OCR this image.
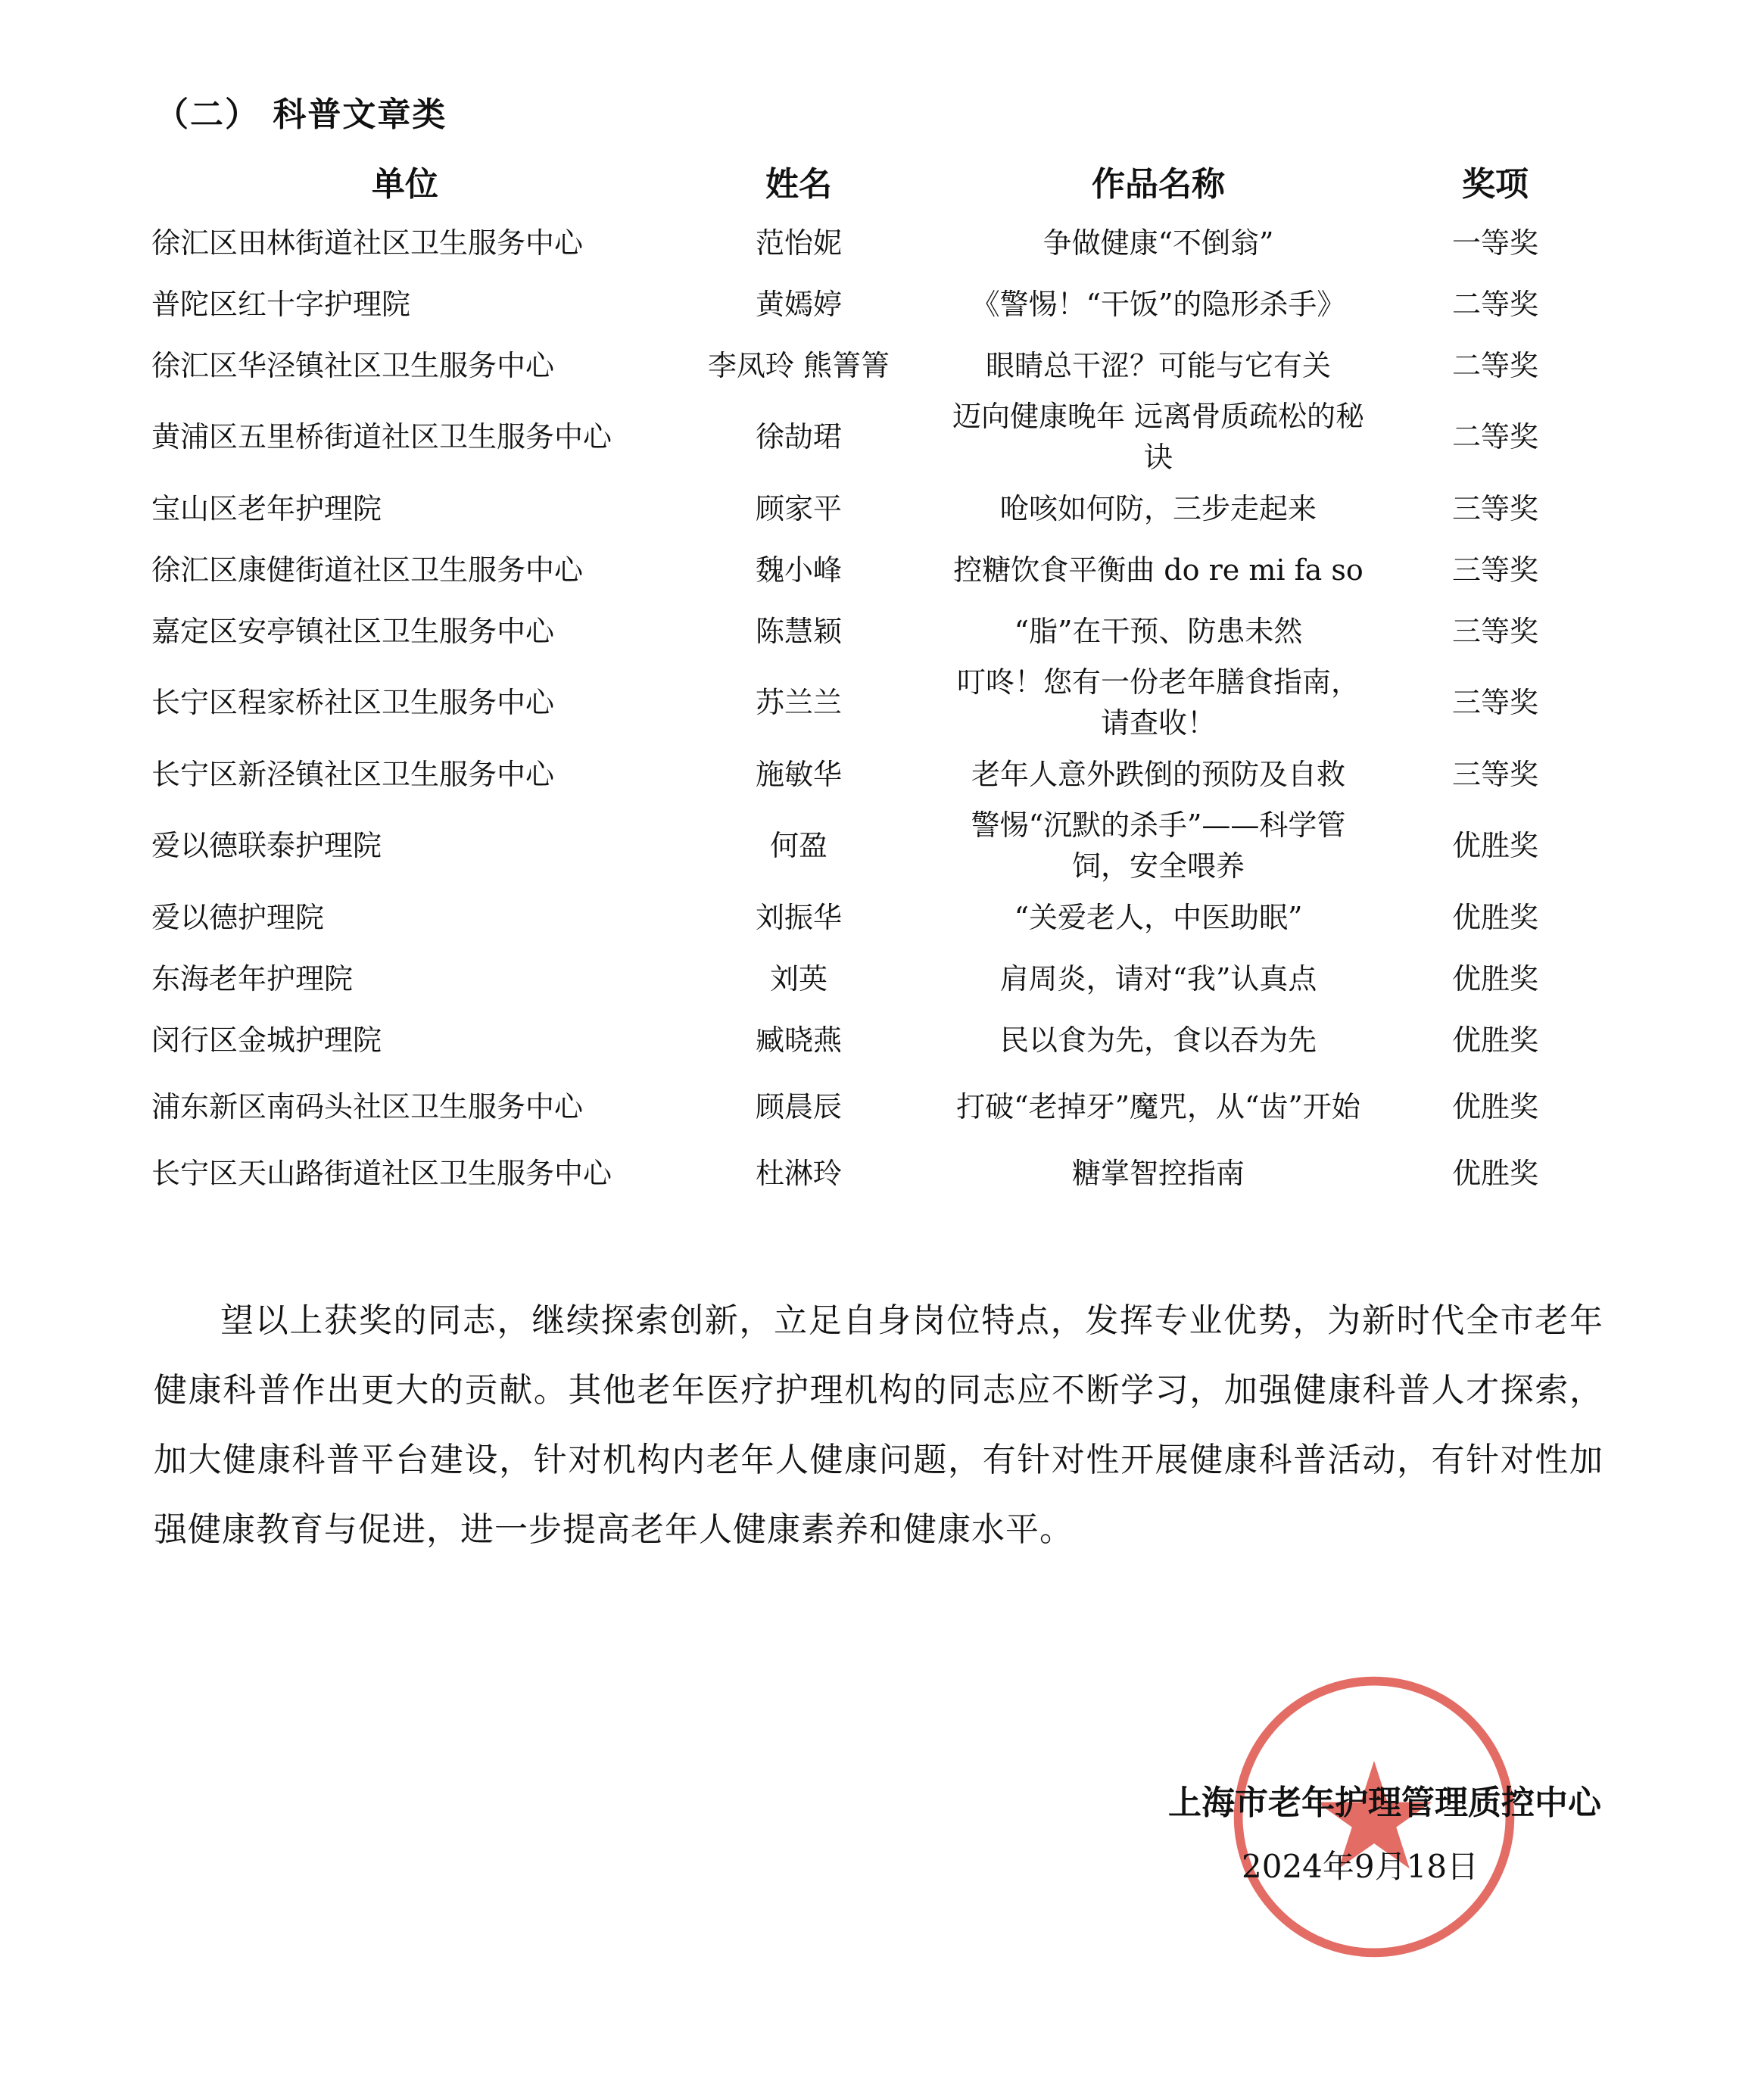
（二） 科普文章类
单位	姓名	作品名称	奖项
徐汇区田林街道社区卫生服务中心	范怡妮	争做健康“不倒翁”	一等奖
普陀区红十字护理院	黄嫣婷	《警惕！“干饭”的隐形杀手》	二等奖
徐汇区华泾镇社区卫生服务中心	李凤玲 熊箐箐	眼睛总干涩？可能与它有关	二等奖
黄浦区五里桥街道社区卫生服务中心	徐劼珺	迈向健康晚年 远离骨质疏松的秘诀	二等奖
宝山区老年护理院	顾家平	呛咳如何防，三步走起来	三等奖
徐汇区康健街道社区卫生服务中心	魏小峰	控糖饮食平衡曲 do re mi fa so	三等奖
嘉定区安亭镇社区卫生服务中心	陈慧颖	“脂”在干预、防患未然	三等奖
长宁区程家桥社区卫生服务中心	苏兰兰	叮咚！您有一份老年膳食指南，请查收！	三等奖
长宁区新泾镇社区卫生服务中心	施敏华	老年人意外跌倒的预防及自救	三等奖
爱以德联泰护理院	何盈	警惕“沉默的杀手”——科学管饲，安全喂养	优胜奖
爱以德护理院	刘振华	“关爱老人，中医助眠”	优胜奖
东海老年护理院	刘英	肩周炎，请对“我”认真点	优胜奖
闵行区金城护理院	臧晓燕	民以食为先，食以吞为先	优胜奖
浦东新区南码头社区卫生服务中心	顾晨辰	打破“老掉牙”魔咒，从“齿”开始	优胜奖
长宁区天山路街道社区卫生服务中心	杜淋玲	糖掌智控指南	优胜奖

望以上获奖的同志，继续探索创新，立足自身岗位特点，发挥专业优势，为新时代全市老年健康科普作出更大的贡献。其他老年医疗护理机构的同志应不断学习，加强健康科普人才探索，加大健康科普平台建设，针对机构内老年人健康问题，有针对性开展健康科普活动，有针对性加强健康教育与促进，进一步提高老年人健康素养和健康水平。

上海市老年护理管理质控中心
2024年9月18日
